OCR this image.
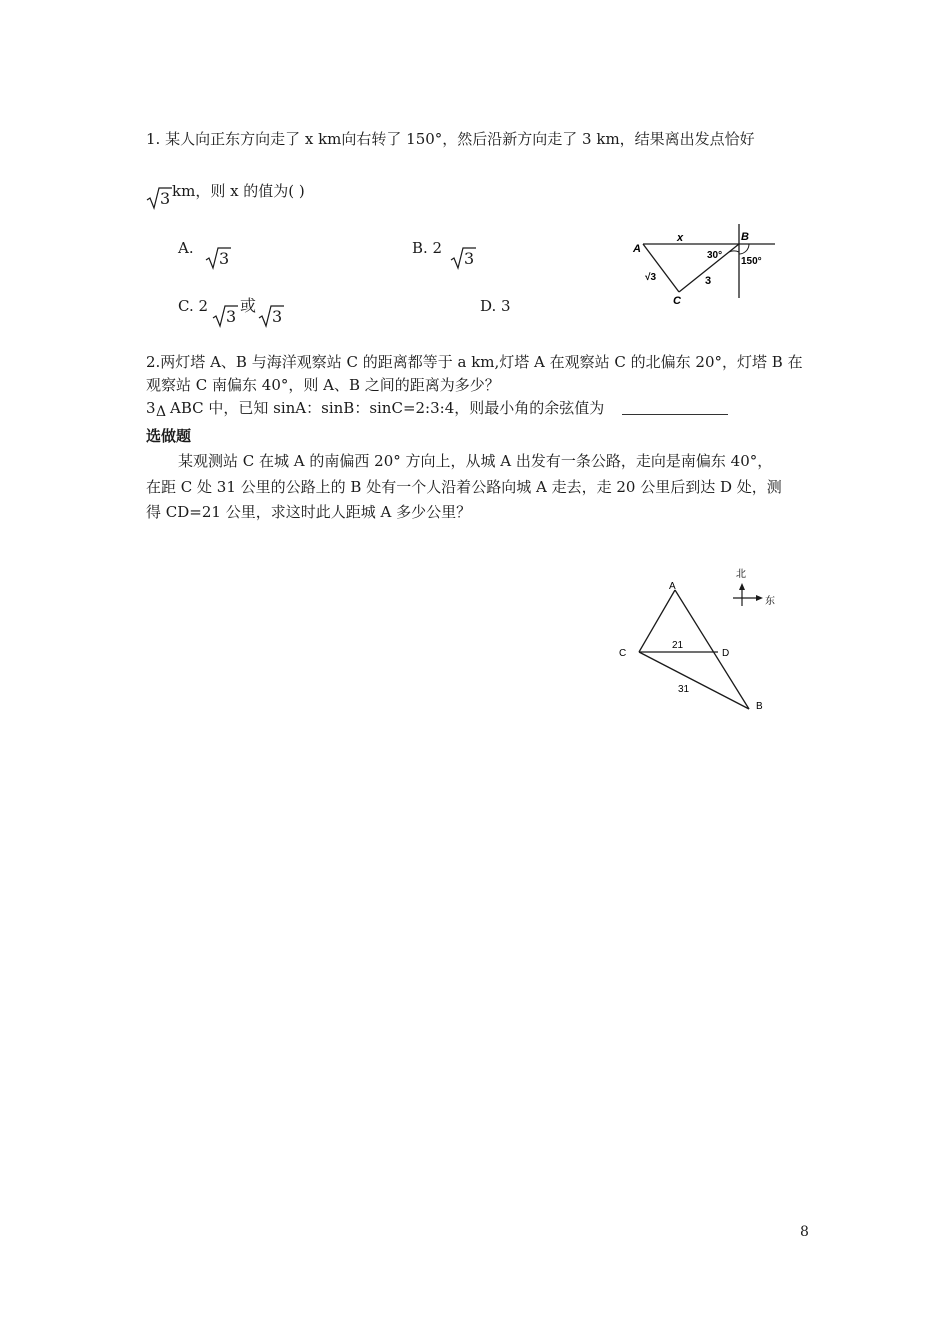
1. 某人向正东方向走了 x km向右转了 150°，然后沿新方向走了 3 km，结果离出发点恰好
3 km，则 x 的值为( )
A.
3
B. 2
3
C. 2
3
或
3
D. 3
A
B
C
x
30°
150°
√3	3
2.两灯塔 A、B 与海洋观察站 C 的距离都等于 a km,灯塔 A 在观察站 C 的北偏东 20°，灯塔 B 在
观察站 C 南偏东 40°，则 A、B 之间的距离为多少？
3 Δ ABC 中，已知 sinA：sinB：sinC=2:3:4，则最小角的余弦值为
选做题
某观测站 C 在城 A 的南偏西 20° 方向上，从城 A 出发有一条公路，走向是南偏东 40°，
在距 C 处 31 公里的公路上的 B 处有一个人沿着公路向城 A 走去，走 20 公里后到达 D 处，测
得 CD=21 公里，求这时此人距城 A 多少公里？
北
东
A
C	D
B
21
31
8
